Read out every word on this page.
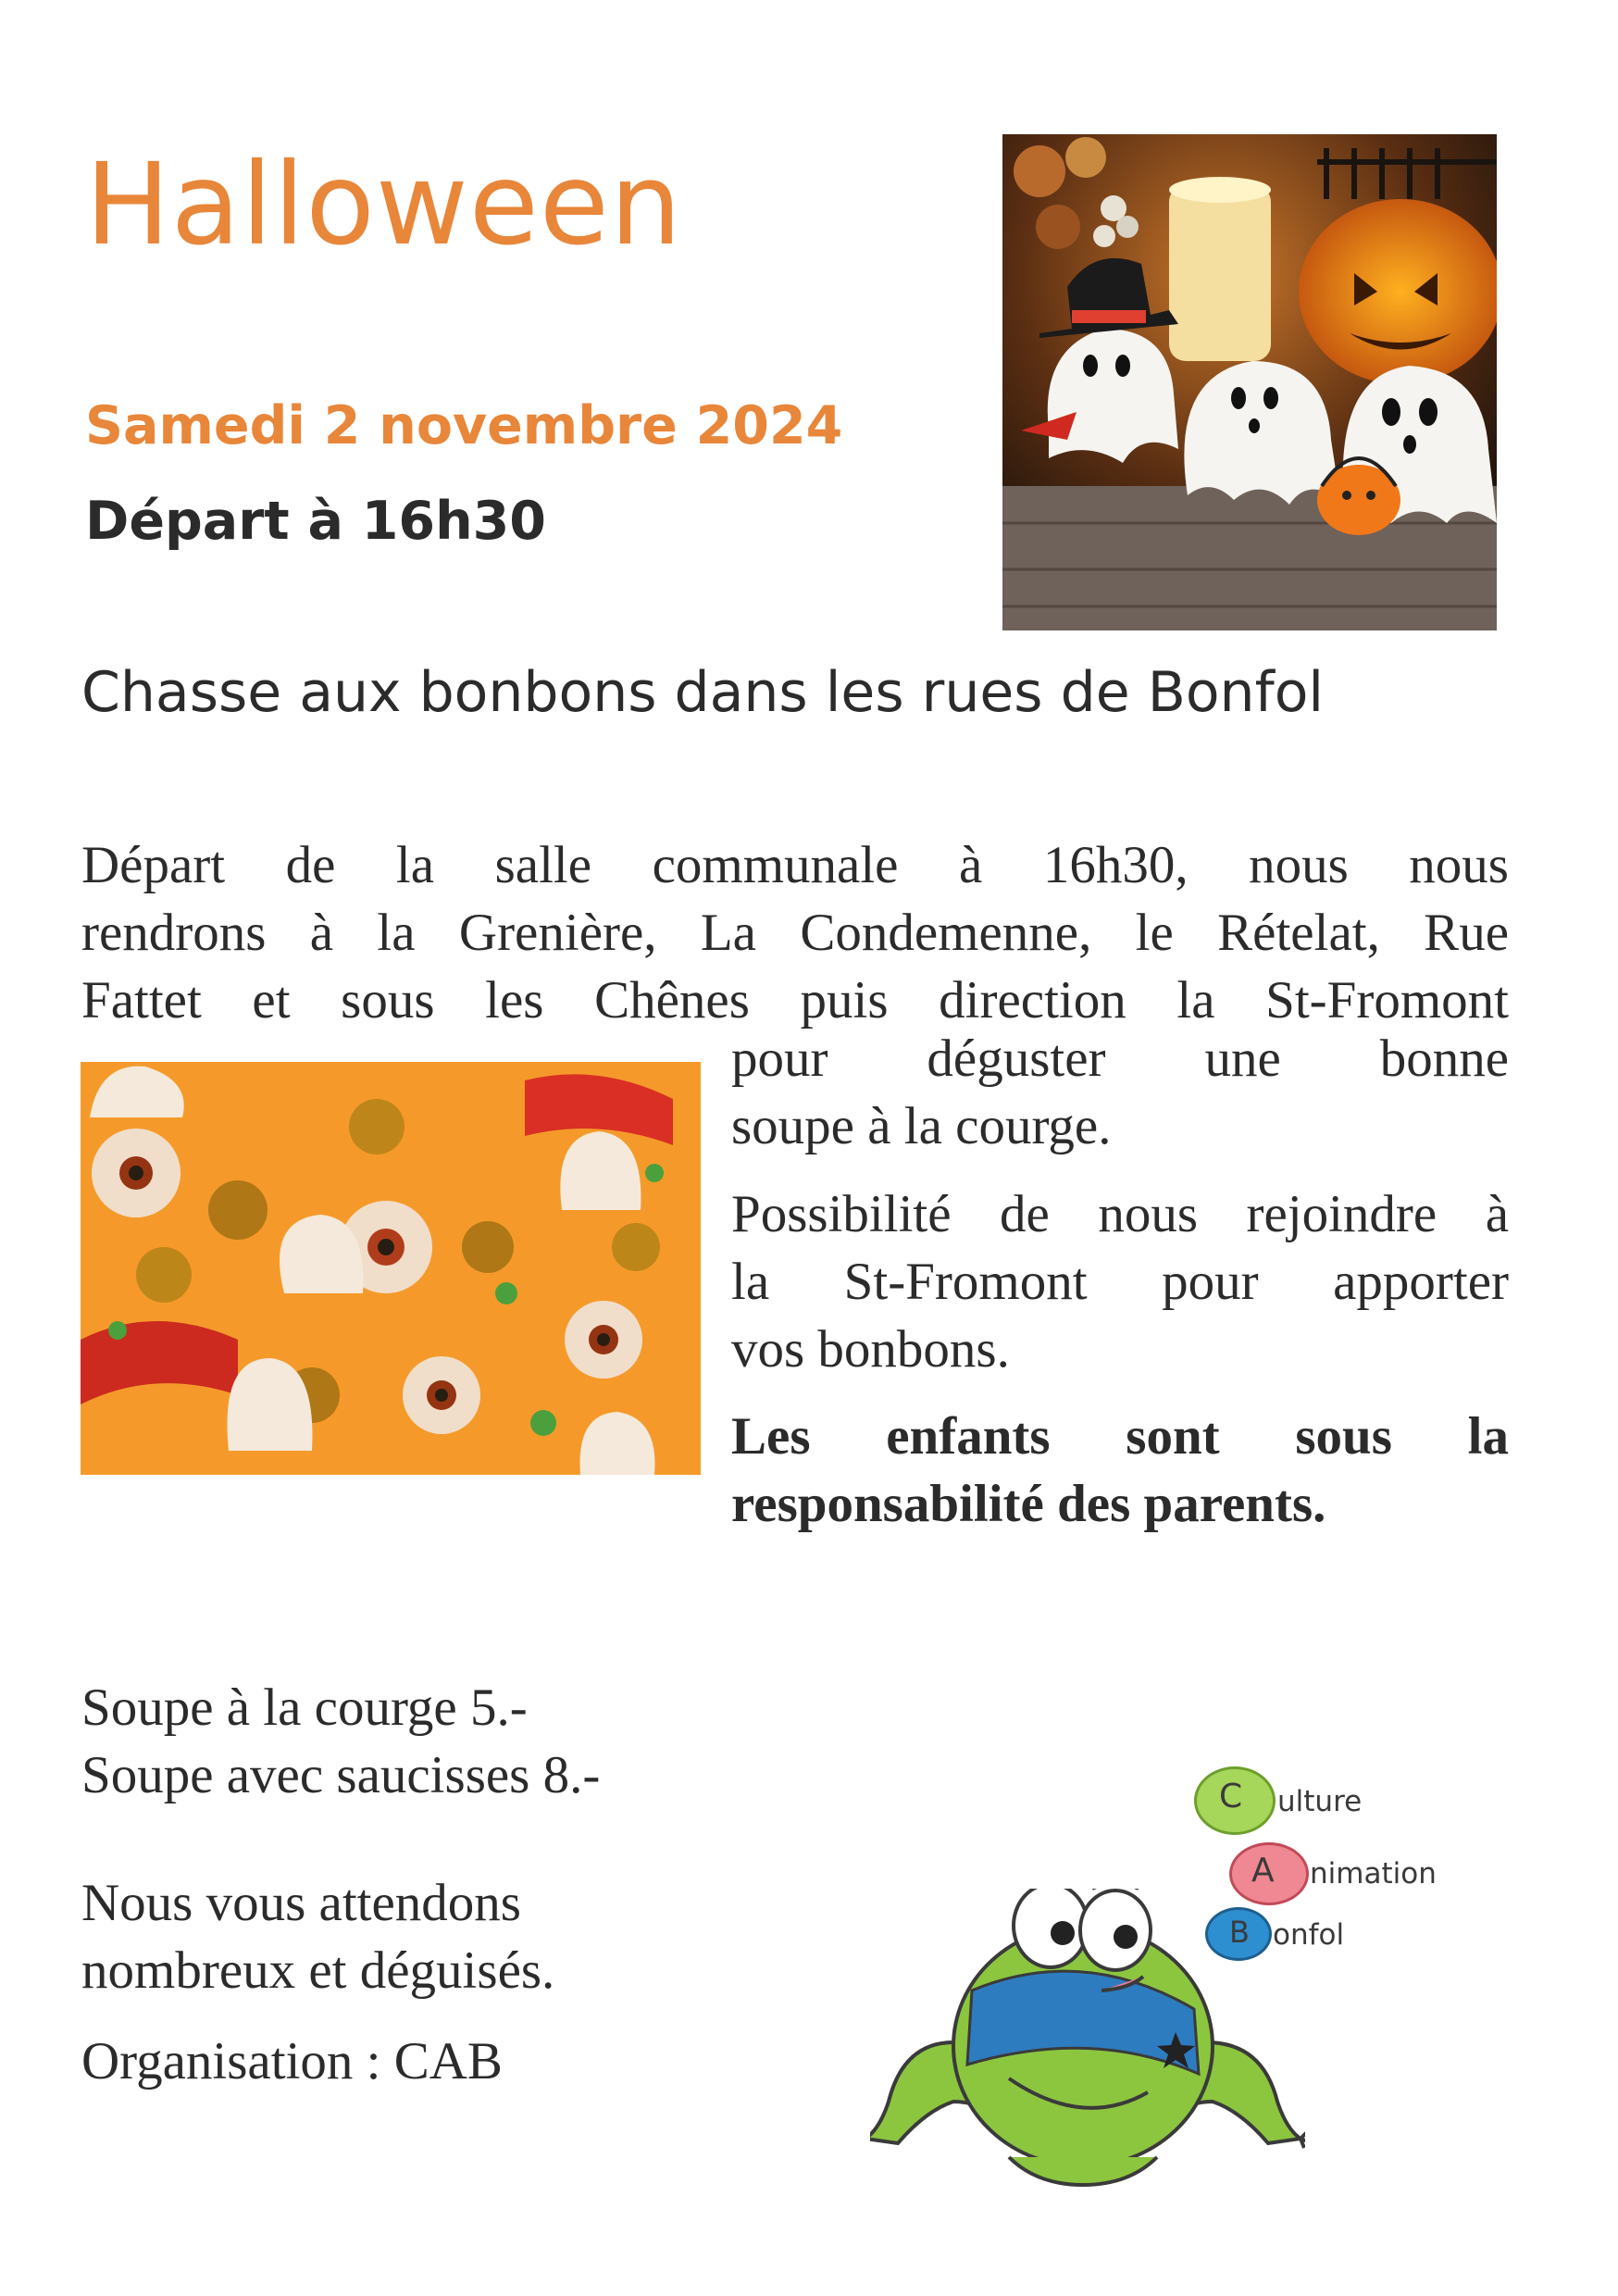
Halloween
Samedi 2 novembre 2024
Départ à 16h30
Chasse aux bonbons dans les rues de Bonfol
Départ de la salle communale à 16h30, nous nous
rendrons à la Grenière, La Condemenne, le Rételat, Rue
Fattet et sous les Chênes puis direction la St-Fromont
pour déguster une bonne
soupe à la courge.
Possibilité de nous rejoindre à
la St-Fromont pour apporter
vos bonbons.
Les enfants sont sous la
responsabilité des parents.
Soupe à la courge 5.-
Soupe avec saucisses 8.-
Nous vous attendons
nombreux et déguisés.
Organisation : CAB
C ulture
A nimation
B onfol
